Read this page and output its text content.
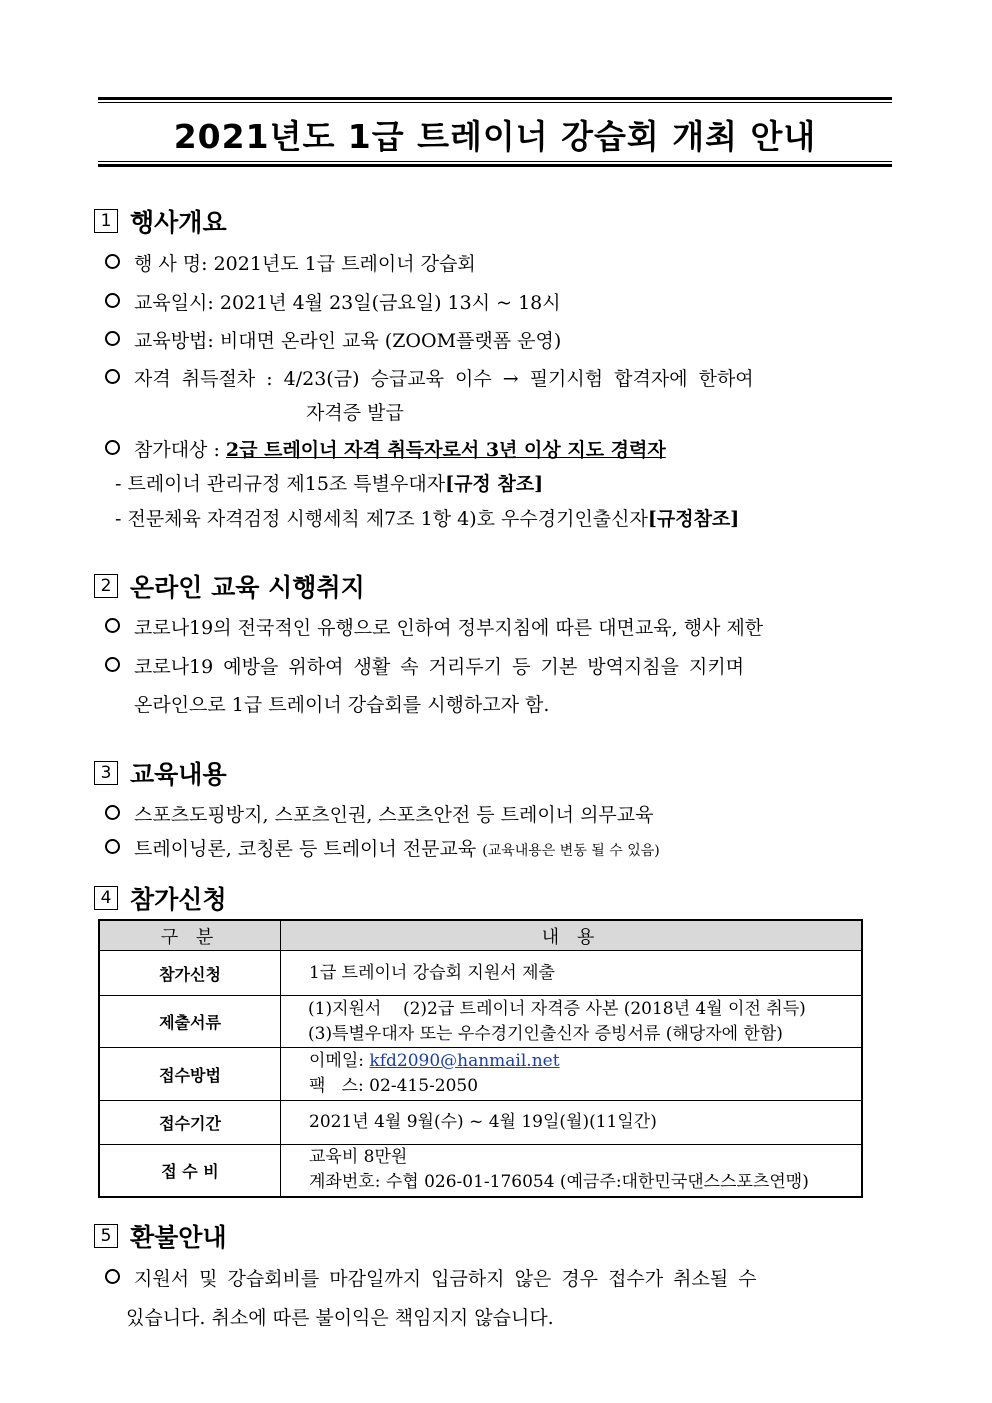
2021년도 1급 트레이너 강습회 개최 안내
1 행사개요
행 사 명: 2021년도 1급 트레이너 강습회
교육일시: 2021년 4월 23일(금요일) 13시 ~ 18시
교육방법: 비대면 온라인 교육 (ZOOM플랫폼 운영)
자격 취득절차 : 4/23(금) 승급교육 이수 → 필기시험 합격자에 한하여
자격증 발급
참가대상 : 2급 트레이너 자격 취득자로서 3년 이상 지도 경력자
- 트레이너 관리규정 제15조 특별우대자[규정 참조]
- 전문체육 자격검정 시행세칙 제7조 1항 4)호 우수경기인출신자[규정참조]
2 온라인 교육 시행취지
코로나19의 전국적인 유행으로 인하여 정부지침에 따른 대면교육, 행사 제한
코로나19 예방을 위하여 생활 속 거리두기 등 기본 방역지침을 지키며
온라인으로 1급 트레이너 강습회를 시행하고자 함.
3 교육내용
스포츠도핑방지, 스포츠인권, 스포츠안전 등 트레이너 의무교육
트레이닝론, 코칭론 등 트레이너 전문교육 (교육내용은 변동 될 수 있음)
4 참가신청
구 분	내 용
참가신청	1급 트레이너 강습회 지원서 제출
제출서류	(1)지원서    (2)2급 트레이너 자격증 사본 (2018년 4월 이전 취득)
(3)특별우대자 또는 우수경기인출신자 증빙서류 (해당자에 한함)

접수방법	이메일: kfd2090@hanmail.net
팩   스: 02-415-2050

접수기간	2021년 4월 9월(수) ~ 4월 19일(월)(11일간)
접 수 비	교육비 8만원
계좌번호: 수협 026-01-176054 (예금주:대한민국댄스스포츠연맹)
5 환불안내
지원서 및 강습회비를 마감일까지 입금하지 않은 경우 접수가 취소될 수
있습니다. 취소에 따른 불이익은 책임지지 않습니다.
